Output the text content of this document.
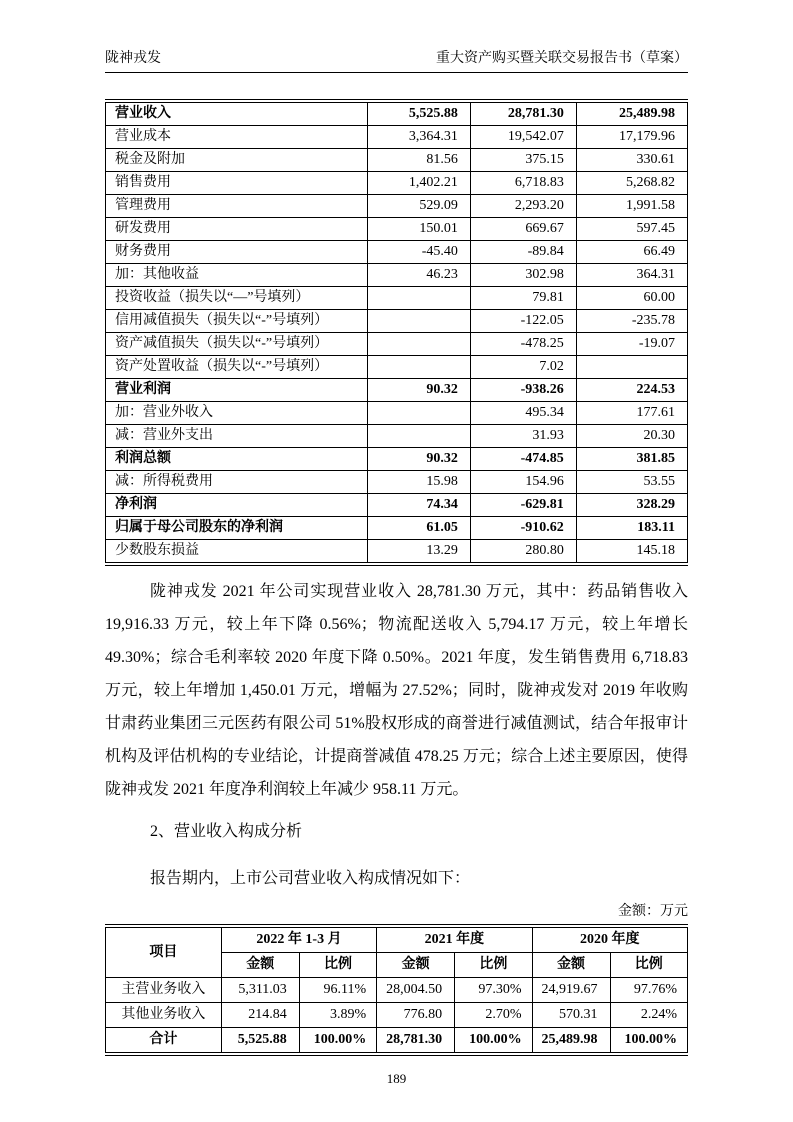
陇神戎发	重大资产购买暨关联交易报告书（草案）
营业收入	5,525.88	28,781.30	25,489.98
营业成本	3,364.31	19,542.07	17,179.96
税金及附加	81.56	375.15	330.61
销售费用	1,402.21	6,718.83	5,268.82
管理费用	529.09	2,293.20	1,991.58
研发费用	150.01	669.67	597.45
财务费用	-45.40	-89.84	66.49
加：其他收益	46.23	302.98	364.31
投资收益（损失以“—”号填列）		79.81	60.00
信用减值损失（损失以“-”号填列）		-122.05	-235.78
资产减值损失（损失以“-”号填列）		-478.25	-19.07
资产处置收益（损失以“-”号填列）		7.02	
营业利润	90.32	-938.26	224.53
加：营业外收入		495.34	177.61
减：营业外支出		31.93	20.30
利润总额	90.32	-474.85	381.85
减：所得税费用	15.98	154.96	53.55
净利润	74.34	-629.81	328.29
归属于母公司股东的净利润	61.05	-910.62	183.11
少数股东损益	13.29	280.80	145.18

陇神戎发 2021 年公司实现营业收入 28,781.30 万元，其中：药品销售收入 19,916.33 万元，较上年下降 0.56%；物流配送收入 5,794.17 万元，较上年增长 49.30%；综合毛利率较 2020 年度下降 0.50%。2021 年度，发生销售费用 6,718.83 万元，较上年增加 1,450.01 万元，增幅为 27.52%；同时，陇神戎发对 2019 年收购甘肃药业集团三元医药有限公司 51%股权形成的商誉进行减值测试，结合年报审计机构及评估机构的专业结论，计提商誉减值 478.25 万元；综合上述主要原因，使得陇神戎发 2021 年度净利润较上年减少 958.11 万元。

2、营业收入构成分析

报告期内，上市公司营业收入构成情况如下：

金额：万元
项目	2022 年 1-3 月		2021 年度		2020 年度	
	金额	比例	金额	比例	金额	比例
主营业务收入	5,311.03	96.11%	28,004.50	97.30%	24,919.67	97.76%
其他业务收入	214.84	3.89%	776.80	2.70%	570.31	2.24%
合计	5,525.88	100.00%	28,781.30	100.00%	25,489.98	100.00%
189
